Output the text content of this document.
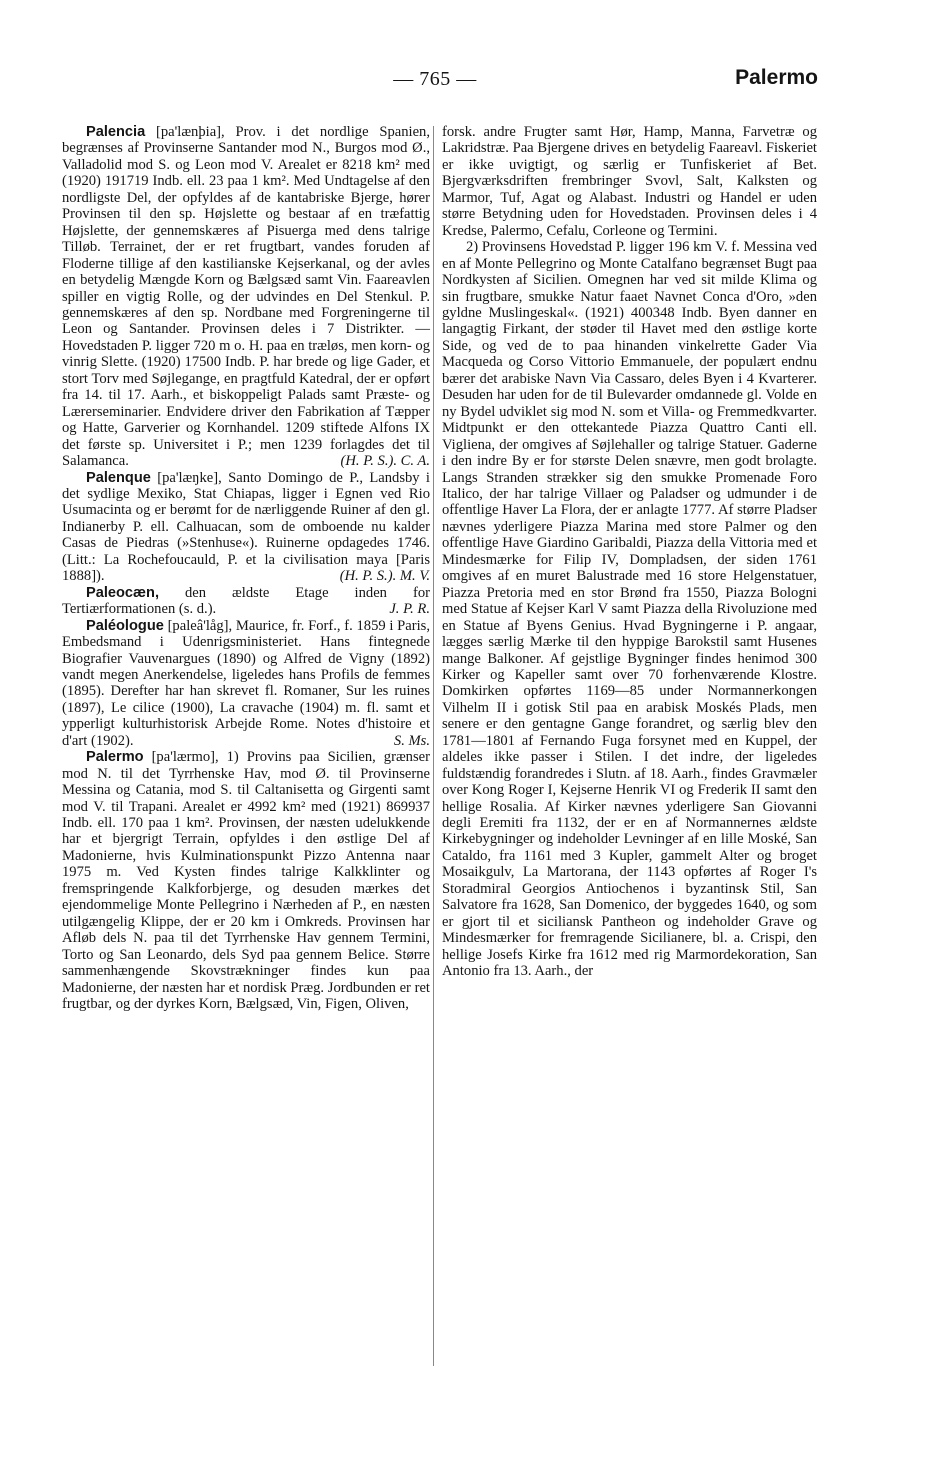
— 765 —	Palermo

Palencia [pa'lænþia], Prov. i det nordlige Spanien, begrænses af Provinserne Santander mod N., Burgos mod Ø., Valladolid mod S. og Leon mod V. Arealet er 8218 km² med (1920) 191719 Indb. ell. 23 paa 1 km². Med Undtagelse af den nordligste Del, der opfyldes af de kantabriske Bjerge, hører Provinsen til den sp. Højslette og bestaar af en træfattig Højslette, der gennemskæres af Pisuerga med dens talrige Tilløb. Terrainet, der er ret frugtbart, vandes foruden af Floderne tillige af den kastilianske Kejserkanal, og der avles en betydelig Mængde Korn og Bælgsæd samt Vin. Faareavlen spiller en vigtig Rolle, og der udvindes en Del Stenkul. P. gennemskæres af den sp. Nordbane med Forgreningerne til Leon og Santander. Provinsen deles i 7 Distrikter. — Hovedstaden P. ligger 720 m o. H. paa en træløs, men korn- og vinrig Slette. (1920) 17500 Indb. P. har brede og lige Gader, et stort Torv med Søjlegange, en pragtfuld Katedral, der er opført fra 14. til 17. Aarh., et biskoppeligt Palads samt Præste- og Lærerseminarier. Endvidere driver den Fabrikation af Tæpper og Hatte, Garverier og Kornhandel. 1209 stiftede Alfons IX det første sp. Universitet i P.; men 1239 forlagdes det til Salamanca.	(H. P. S.). C. A.

Palenque [pa'læŋke], Santo Domingo de P., Landsby i det sydlige Mexiko, Stat Chiapas, ligger i Egnen ved Rio Usumacinta og er berømt for de nærliggende Ruiner af den gl. Indianerby P. ell. Calhuacan, som de omboende nu kalder Casas de Piedras (»Stenhuse«). Ruinerne opdagedes 1746. (Litt.: La Rochefoucauld, P. et la civilisation maya [Paris 1888]).	(H. P. S.). M. V.

Paleocæn, den ældste Etage inden for Tertiærformationen (s. d.).	J. P. R.

Paléologue [paleâ'låg], Maurice, fr. Forf., f. 1859 i Paris, Embedsmand i Udenrigsministeriet. Hans fintegnede Biografier Vauvenargues (1890) og Alfred de Vigny (1892) vandt megen Anerkendelse, ligeledes hans Profils de femmes (1895). Derefter har han skrevet fl. Romaner, Sur les ruines (1897), Le cilice (1900), La cravache (1904) m. fl. samt et ypperligt kulturhistorisk Arbejde Rome. Notes d'histoire et d'art (1902).	S. Ms.

Palermo [pa'lærmo], 1) Provins paa Sicilien, grænser mod N. til det Tyrrhenske Hav, mod Ø. til Provinserne Messina og Catania, mod S. til Caltanisetta og Girgenti samt mod V. til Trapani. Arealet er 4992 km² med (1921) 869937 Indb. ell. 170 paa 1 km². Provinsen, der næsten udelukkende har et bjergrigt Terrain, opfyldes i den østlige Del af Madonierne, hvis Kulminationspunkt Pizzo Antenna naar 1975 m. Ved Kysten findes talrige Kalkklinter og fremspringende Kalkforbjerge, og desuden mærkes det ejendommelige Monte Pellegrino i Nærheden af P., en næsten utilgængelig Klippe, der er 20 km i Omkreds. Provinsen har Afløb dels N. paa til det Tyrrhenske Hav gennem Termini, Torto og San Leonardo, dels Syd paa gennem Belice. Større sammenhængende Skovstrækninger findes kun paa Madonierne, der næsten har et nordisk Præg. Jordbunden er ret frugtbar, og der dyrkes Korn, Bælgsæd, Vin, Figen, Oliven,

forsk. andre Frugter samt Hør, Hamp, Manna, Farvetræ og Lakridstræ. Paa Bjergene drives en betydelig Faareavl. Fiskeriet er ikke uvigtigt, og særlig er Tunfiskeriet af Bet. Bjergværksdriften frembringer Svovl, Salt, Kalksten og Marmor, Tuf, Agat og Alabast. Industri og Handel er uden større Betydning uden for Hovedstaden. Provinsen deles i 4 Kredse, Palermo, Cefalu, Corleone og Termini.

2) Provinsens Hovedstad P. ligger 196 km V. f. Messina ved en af Monte Pellegrino og Monte Catalfano begrænset Bugt paa Nordkysten af Sicilien. Omegnen har ved sit milde Klima og sin frugtbare, smukke Natur faaet Navnet Conca d'Oro, »den gyldne Muslingeskal«. (1921) 400348 Indb. Byen danner en langagtig Firkant, der støder til Havet med den østlige korte Side, og ved de to paa hinanden vinkelrette Gader Via Macqueda og Corso Vittorio Emmanuele, der populært endnu bærer det arabiske Navn Via Cassaro, deles Byen i 4 Kvarterer. Desuden har uden for de til Bulevarder omdannede gl. Volde en ny Bydel udviklet sig mod N. som et Villa- og Fremmedkvarter. Midtpunkt er den ottekantede Piazza Quattro Canti ell. Vigliena, der omgives af Søjlehaller og talrige Statuer. Gaderne i den indre By er for største Delen snævre, men godt brolagte. Langs Stranden strækker sig den smukke Promenade Foro Italico, der har talrige Villaer og Paladser og udmunder i de offentlige Haver La Flora, der er anlagte 1777. Af større Pladser nævnes yderligere Piazza Marina med store Palmer og den offentlige Have Giardino Garibaldi, Piazza della Vittoria med et Mindesmærke for Filip IV, Dompladsen, der siden 1761 omgives af en muret Balustrade med 16 store Helgenstatuer, Piazza Pretoria med en stor Brønd fra 1550, Piazza Bologni med Statue af Kejser Karl V samt Piazza della Rivoluzione med en Statue af Byens Genius. Hvad Bygningerne i P. angaar, lægges særlig Mærke til den hyppige Barokstil samt Husenes mange Balkoner. Af gejstlige Bygninger findes henimod 300 Kirker og Kapeller samt over 70 forhenværende Klostre. Domkirken opførtes 1169—85 under Normannerkongen Vilhelm II i gotisk Stil paa en arabisk Moskés Plads, men senere er den gentagne Gange forandret, og særlig blev den 1781—1801 af Fernando Fuga forsynet med en Kuppel, der aldeles ikke passer i Stilen. I det indre, der ligeledes fuldstændig forandredes i Slutn. af 18. Aarh., findes Gravmæler over Kong Roger I, Kejserne Henrik VI og Frederik II samt den hellige Rosalia. Af Kirker nævnes yderligere San Giovanni degli Eremiti fra 1132, der er en af Normannernes ældste Kirkebygninger og indeholder Levninger af en lille Moské, San Cataldo, fra 1161 med 3 Kupler, gammelt Alter og broget Mosaikgulv, La Martorana, der 1143 opførtes af Roger I's Storadmiral Georgios Antiochenos i byzantinsk Stil, San Salvatore fra 1628, San Domenico, der byggedes 1640, og som er gjort til et siciliansk Pantheon og indeholder Grave og Mindesmærker for fremragende Sicilianere, bl. a. Crispi, den hellige Josefs Kirke fra 1612 med rig Marmordekoration, San Antonio fra 13. Aarh., der
